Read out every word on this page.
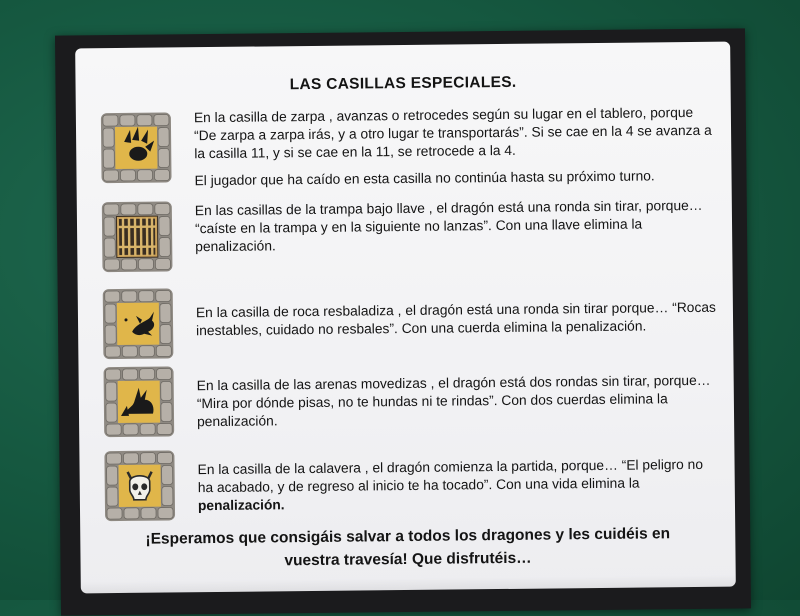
LAS CASILLAS ESPECIALES.

En la casilla de zarpa , avanzas o retrocedes según su lugar en el tablero, porque “De zarpa a zarpa irás, y a otro lugar te transportarás”. Si se cae en la 4 se avanza a la casilla 11, y si se cae en la 11, se retrocede a la 4.

El jugador que ha caído en esta casilla no continúa hasta su próximo turno.

En las casillas de la trampa bajo llave , el dragón está una ronda sin tirar, porque… “caíste en la trampa y en la siguiente no lanzas”. Con una llave elimina la penalización.

En la casilla de roca resbaladiza , el dragón está una ronda sin tirar porque… “Rocas inestables, cuidado no resbales”. Con una cuerda elimina la penalización.

En la casilla de las arenas movedizas , el dragón está dos rondas sin tirar, porque… “Mira por dónde pisas, no te hundas ni te rindas”. Con dos cuerdas elimina la penalización.

En la casilla de la calavera , el dragón comienza la partida, porque… “El peligro no ha acabado, y de regreso al inicio te ha tocado”. Con una vida elimina la penalización.

¡Esperamos que consigáis salvar a todos los dragones y les cuidéis en
vuestra travesía! Que disfrutéis…
